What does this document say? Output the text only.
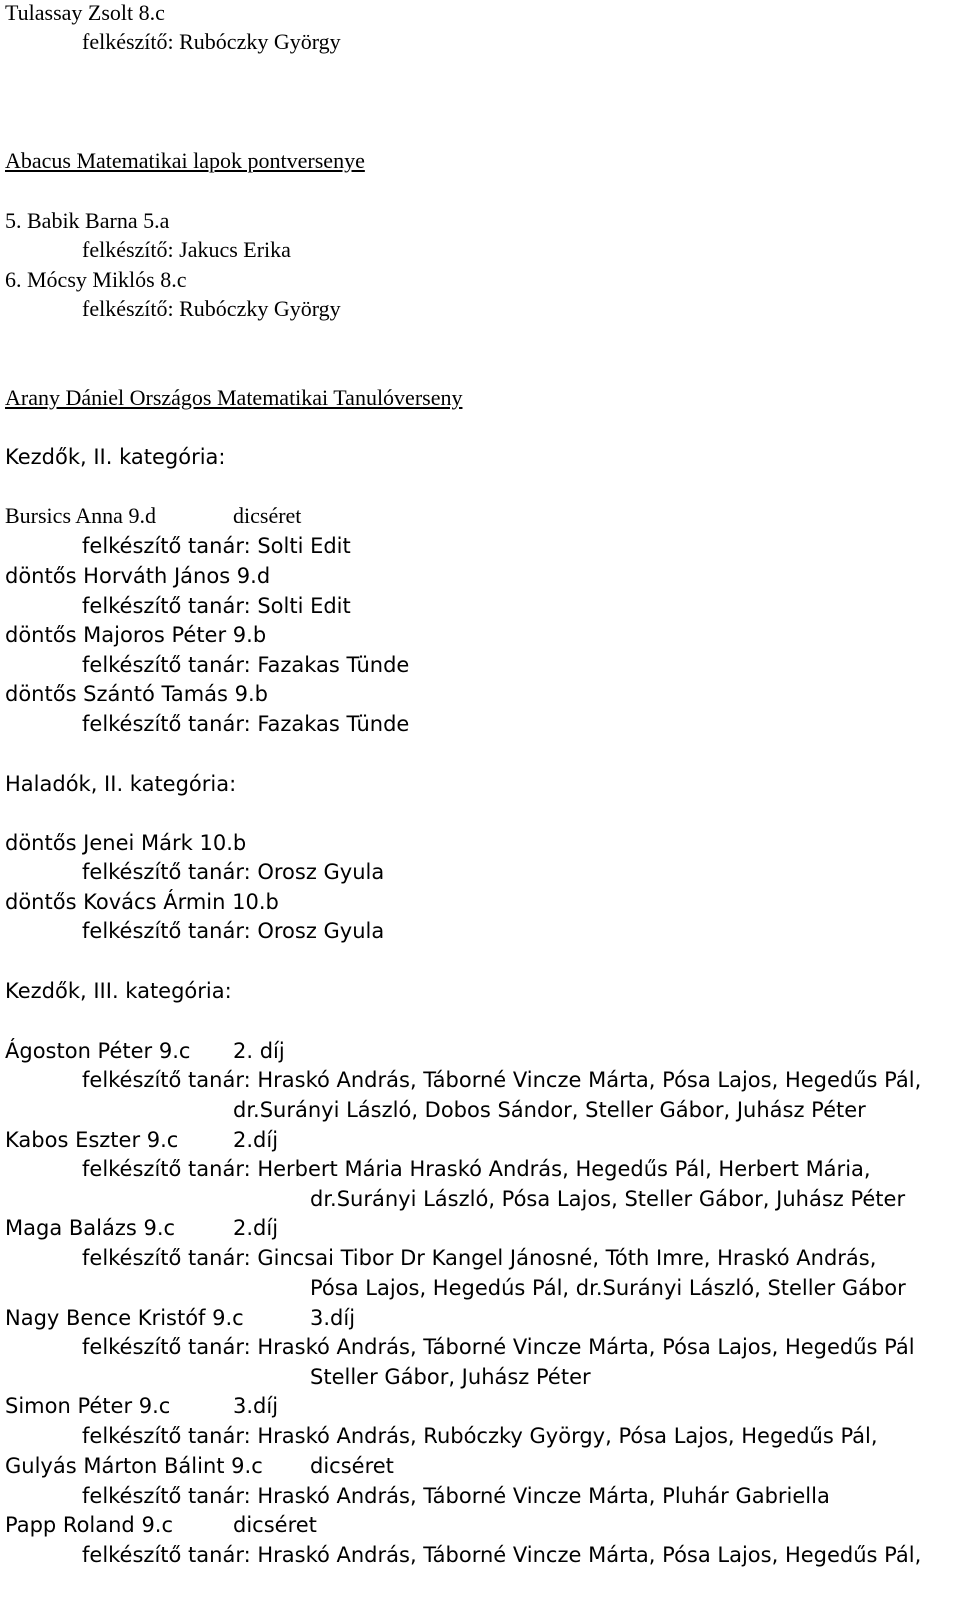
Tulassay Zsolt 8.c
felkészítő: Rubóczky György
Abacus Matematikai lapok pontversenye
5. Babik Barna 5.a
felkészítő: Jakucs Erika
6. Mócsy Miklós 8.c
felkészítő: Rubóczky György
Arany Dániel Országos Matematikai Tanulóverseny
Kezdők, II. kategória:
Bursics Anna 9.d	dicséret
felkészítő tanár: Solti Edit
döntős Horváth János 9.d
felkészítő tanár: Solti Edit
döntős Majoros Péter 9.b
felkészítő tanár: Fazakas Tünde
döntős Szántó Tamás 9.b
felkészítő tanár: Fazakas Tünde
Haladók, II. kategória:
döntős Jenei Márk 10.b
felkészítő tanár: Orosz Gyula
döntős Kovács Ármin 10.b
felkészítő tanár: Orosz Gyula
Kezdők, III. kategória:
Ágoston Péter 9.c 2. díj
felkészítő tanár: Hraskó András, Táborné Vincze Márta, Pósa Lajos, Hegedűs Pál,
dr.Surányi László, Dobos Sándor, Steller Gábor, Juhász Péter
Kabos Eszter 9.c	2.díj
felkészítő tanár: Herbert Mária Hraskó András, Hegedűs Pál, Herbert Mária,
dr.Surányi László, Pósa Lajos, Steller Gábor, Juhász Péter
Maga Balázs 9.c	2.díj
felkészítő tanár: Gincsai Tibor Dr Kangel Jánosné, Tóth Imre, Hraskó András,
Pósa Lajos, Hegedús Pál, dr.Surányi László, Steller Gábor
Nagy Bence Kristóf 9.c	3.díj
felkészítő tanár: Hraskó András, Táborné Vincze Márta, Pósa Lajos, Hegedűs Pál
Steller Gábor, Juhász Péter
Simon Péter 9.c	3.díj
felkészítő tanár: Hraskó András, Rubóczky György, Pósa Lajos, Hegedűs Pál,
Gulyás Márton Bálint 9.c dicséret
felkészítő tanár: Hraskó András, Táborné Vincze Márta, Pluhár Gabriella
Papp Roland 9.c	dicséret
felkészítő tanár: Hraskó András, Táborné Vincze Márta, Pósa Lajos, Hegedűs Pál,
